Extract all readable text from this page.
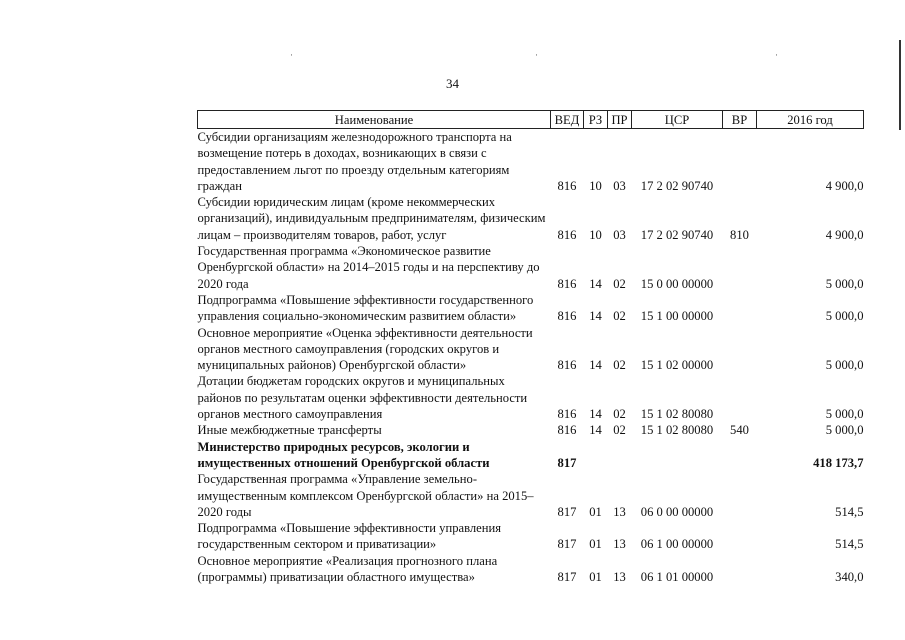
·	·	·
34
Наименование	ВЕД	РЗ	ПР	ЦСР	ВР	2016 год
Субсидии организациям железнодорожного транспорта на возмещение потерь в доходах, возникающих в связи с предоставлением льгот по проезду отдельным категориям граждан	816	10	03	17 2 02 90740		4 900,0
Субсидии юридическим лицам (кроме некоммерческих организаций), индивидуальным предпринимателям, физическим лицам – производителям товаров, работ, услуг	816	10	03	17 2 02 90740	810	4 900,0
Государственная программа «Экономическое развитие Оренбургской области» на 2014–2015 годы и на перспективу до 2020 года	816	14	02	15 0 00 00000		5 000,0
Подпрограмма «Повышение эффективности государственного управления социально-экономическим развитием области»	816	14	02	15 1 00 00000		5 000,0
Основное мероприятие «Оценка эффективности деятельности органов местного самоуправления (городских округов и муниципальных районов) Оренбургской области»	816	14	02	15 1 02 00000		5 000,0
Дотации бюджетам городских округов и муниципальных районов по результатам оценки эффективности деятельности органов местного самоуправления	816	14	02	15 1 02 80080		5 000,0
Иные межбюджетные трансферты	816	14	02	15 1 02 80080	540	5 000,0
Министерство природных ресурсов, экологии и имущественных отношений Оренбургской области	817					418 173,7
Государственная программа «Управление земельно-имущественным комплексом Оренбургской области» на 2015–2020 годы	817	01	13	06 0 00 00000		514,5
Подпрограмма «Повышение эффективности управления государственным сектором и приватизации»	817	01	13	06 1 00 00000		514,5
Основное мероприятие «Реализация прогнозного плана (программы) приватизации областного имущества»	817	01	13	06 1 01 00000		340,0
